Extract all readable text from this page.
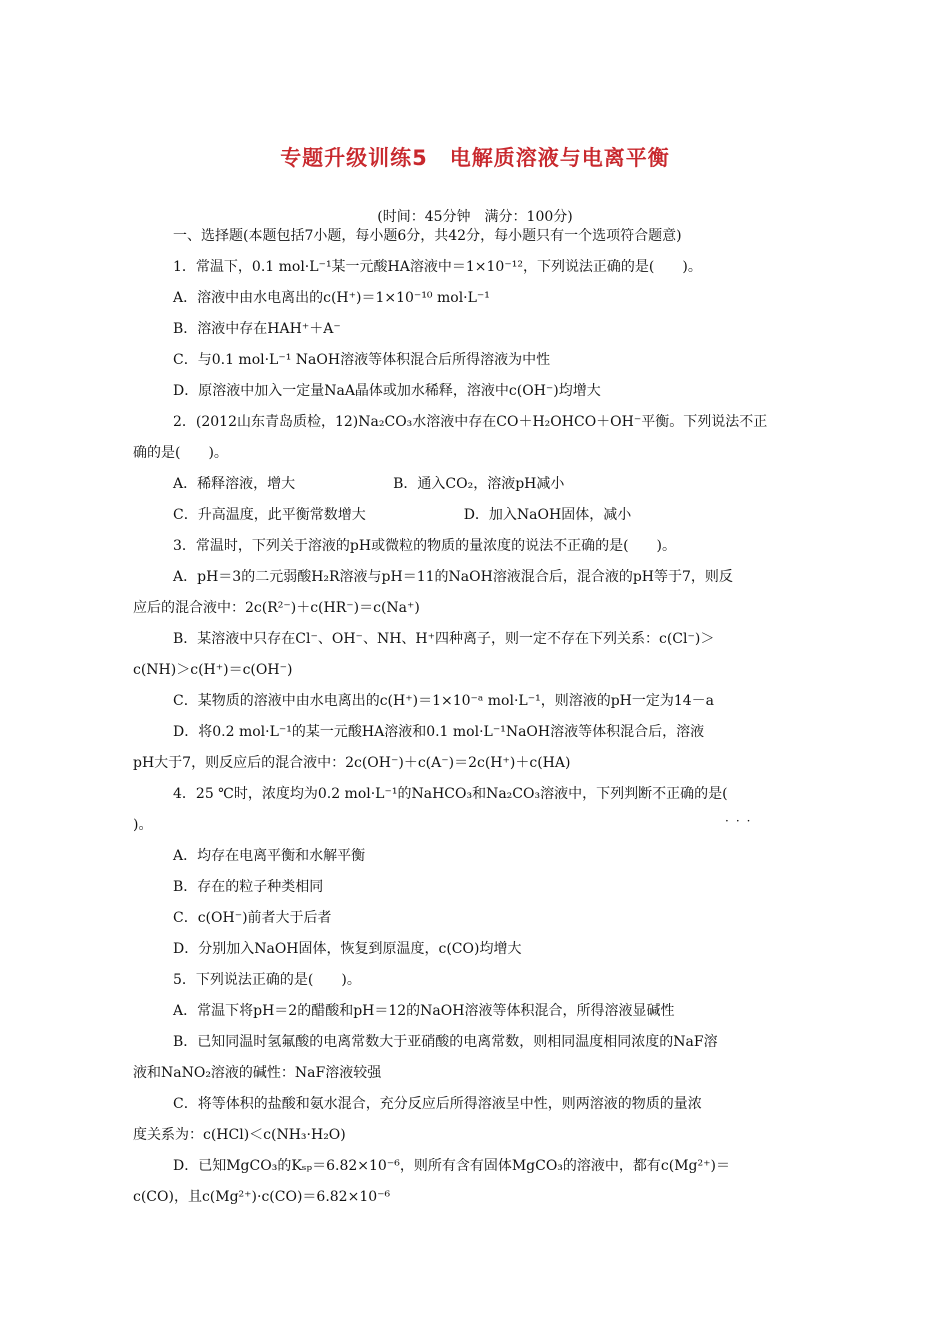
专题升级训练5　电解质溶液与电离平衡
(时间：45分钟　满分：100分)
一、选择题(本题包括7小题，每小题6分，共42分，每小题只有一个选项符合题意)
1．常温下，0.1 mol·L⁻¹某一元酸HA溶液中＝1×10⁻¹²，下列说法正确的是(　　)。
A．溶液中由水电离出的c(H⁺)＝1×10⁻¹⁰ mol·L⁻¹
B．溶液中存在HAH⁺＋A⁻
C．与0.1 mol·L⁻¹ NaOH溶液等体积混合后所得溶液为中性
D．原溶液中加入一定量NaA晶体或加水稀释，溶液中c(OH⁻)均增大
2．(2012山东青岛质检，12)Na₂CO₃水溶液中存在CO＋H₂OHCO＋OH⁻平衡。下列说法不正
确的是(　　)。
A．稀释溶液，增大　　　　　　　B．通入CO₂，溶液pH减小
C．升高温度，此平衡常数增大　　　　　　　D．加入NaOH固体，减小
3．常温时，下列关于溶液的pH或微粒的物质的量浓度的说法不正确的是(　　)。
A．pH＝3的二元弱酸H₂R溶液与pH＝11的NaOH溶液混合后，混合液的pH等于7，则反
应后的混合液中：2c(R²⁻)＋c(HR⁻)＝c(Na⁺)
B．某溶液中只存在Cl⁻、OH⁻、NH、H⁺四种离子，则一定不存在下列关系：c(Cl⁻)＞
c(NH)＞c(H⁺)＝c(OH⁻)
C．某物质的溶液中由水电离出的c(H⁺)＝1×10⁻ᵃ mol·L⁻¹，则溶液的pH一定为14－a
D．将0.2 mol·L⁻¹的某一元酸HA溶液和0.1 mol·L⁻¹NaOH溶液等体积混合后，溶液
pH大于7，则反应后的混合液中：2c(OH⁻)＋c(A⁻)＝2c(H⁺)＋c(HA)
4．25 ℃时，浓度均为0.2 mol·L⁻¹的NaHCO₃和Na₂CO₃溶液中，下列判断不正确的是(
)。
A．均存在电离平衡和水解平衡
B．存在的粒子种类相同
C．c(OH⁻)前者大于后者
D．分别加入NaOH固体，恢复到原温度，c(CO)均增大
5．下列说法正确的是(　　)。
A．常温下将pH＝2的醋酸和pH＝12的NaOH溶液等体积混合，所得溶液显碱性
B．已知同温时氢氟酸的电离常数大于亚硝酸的电离常数，则相同温度相同浓度的NaF溶
液和NaNO₂溶液的碱性：NaF溶液较强
C．将等体积的盐酸和氨水混合，充分反应后所得溶液呈中性，则两溶液的物质的量浓
度关系为：c(HCl)＜c(NH₃·H₂O)
D．已知MgCO₃的Kₛₚ＝6.82×10⁻⁶，则所有含有固体MgCO₃的溶液中，都有c(Mg²⁺)＝
c(CO)，且c(Mg²⁺)·c(CO)＝6.82×10⁻⁶
···
